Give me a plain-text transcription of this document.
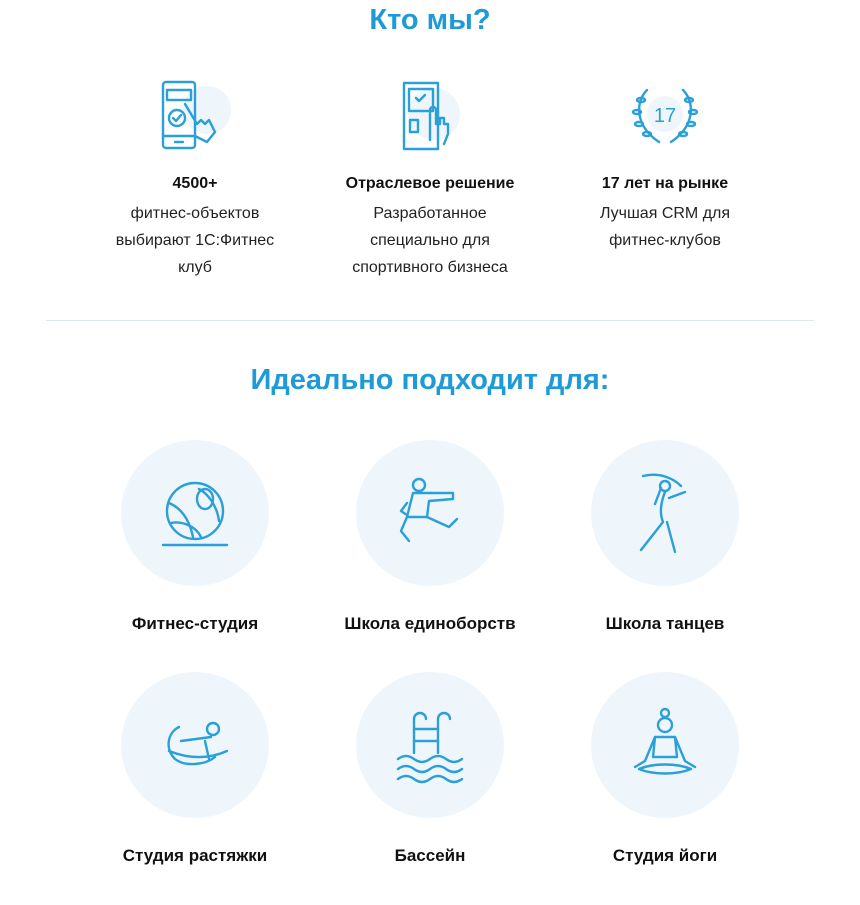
Кто мы?
4500+

фитнес-объектов
выбирают 1С:Фитнес
клуб

Отраслевое решение

Разработанное
специально для
спортивного бизнеса

17
17 лет на рынке

Лучшая CRM для
фитнес-клубов

Идеально подходит для:
Фитнес-студия	Школа единоборств	Школа танцев
Студия растяжки	Бассейн	Студия йоги
